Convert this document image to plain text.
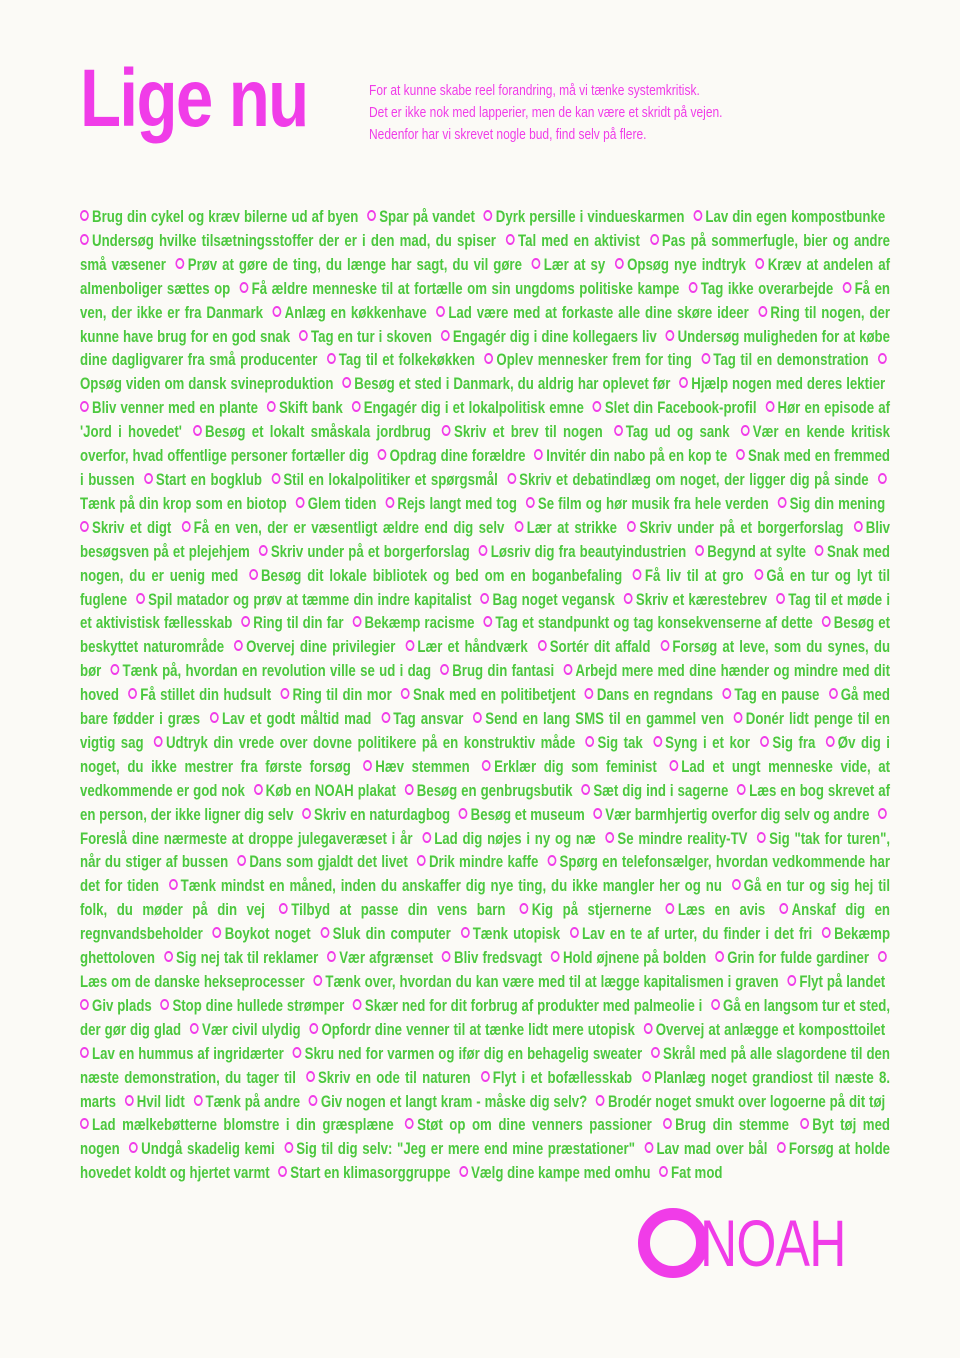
Lige nu	For at kunne skabe reel forandring, må vi tænke systemkritisk.
Det er ikke nok med lapperier, men de kan være et skridt på vejen.
Nedenfor har vi skrevet nogle bud, find selv på flere.
Brug din cykel og kræv bilerne ud af byen Spar på vandet Dyrk persille i vindueskarmen Lav din egen kompostbunke Undersøg hvilke tilsætningsstoffer der er i den mad, du spiser Tal med en aktivist Pas på sommerfugle, bier og andre små væsener Prøv at gøre de ting, du længe har sagt, du vil gøre Lær at sy Opsøg nye indtryk Kræv at andelen af almenboliger sættes op Få ældre menneske til at fortælle om sin ungdoms politiske kampe Tag ikke overarbejde Få en ven, der ikke er fra Danmark Anlæg en køkkenhave Lad være med at forkaste alle dine skøre ideer Ring til nogen, der kunne have brug for en god snak Tag en tur i skoven Engagér dig i dine kollegaers liv Undersøg muligheden for at købe dine dagligvarer fra små producenter Tag til et folkekøkken Oplev mennesker frem for ting Tag til en demonstration Opsøg viden om dansk svineproduktion Besøg et sted i Danmark, du aldrig har oplevet før Hjælp nogen med deres lektier Bliv venner med en plante Skift bank Engagér dig i et lokalpolitisk emne Slet din Facebook-profil Hør en episode af 'Jord i hovedet' Besøg et lokalt småskala jordbrug Skriv et brev til nogen Tag ud og sank Vær en kende kritisk overfor, hvad offentlige personer fortæller dig Opdrag dine forældre Invitér din nabo på en kop te Snak med en fremmed i bussen Start en bogklub Stil en lokalpolitiker et spørgsmål Skriv et debatindlæg om noget, der ligger dig på sinde Tænk på din krop som en biotop Glem tiden Rejs langt med tog Se film og hør musik fra hele verden Sig din mening Skriv et digt Få en ven, der er væsentligt ældre end dig selv Lær at strikke Skriv under på et borgerforslag Bliv besøgsven på et plejehjem Skriv under på et borgerforslag Løsriv dig fra beautyindustrien Begynd at sylte Snak med nogen, du er uenig med Besøg dit lokale bibliotek og bed om en boganbefaling Få liv til at gro Gå en tur og lyt til fuglene Spil matador og prøv at tæmme din indre kapitalist Bag noget vegansk Skriv et kærestebrev Tag til et møde i et aktivistisk fællesskab Ring til din far Bekæmp racisme Tag et standpunkt og tag konsekvenserne af dette Besøg et beskyttet naturområde Overvej dine privilegier Lær et håndværk Sortér dit affald Forsøg at leve, som du synes, du bør Tænk på, hvordan en revolution ville se ud i dag Brug din fantasi Arbejd mere med dine hænder og mindre med dit hoved Få stillet din hudsult Ring til din mor Snak med en politibetjent Dans en regndans Tag en pause Gå med bare fødder i græs Lav et godt måltid mad Tag ansvar Send en lang SMS til en gammel ven Donér lidt penge til en vigtig sag Udtryk din vrede over dovne politikere på en konstruktiv måde Sig tak Syng i et kor Sig fra Øv dig i noget, du ikke mestrer fra første forsøg Hæv stemmen Erklær dig som feminist Lad et ungt menneske vide, at vedkommende er god nok Køb en NOAH plakat Besøg en genbrugsbutik Sæt dig ind i sagerne Læs en bog skrevet af en person, der ikke ligner dig selv Skriv en naturdagbog Besøg et museum Vær barmhjertig overfor dig selv og andre Foreslå dine nærmeste at droppe julegaveræset i år Lad dig nøjes i ny og næ Se mindre reality-TV Sig "tak for turen", når du stiger af bussen Dans som gjaldt det livet Drik mindre kaffe Spørg en telefonsælger, hvordan vedkommende har det for tiden Tænk mindst en måned, inden du anskaffer dig nye ting, du ikke mangler her og nu Gå en tur og sig hej til folk, du møder på din vej Tilbyd at passe din vens barn Kig på stjernerne Læs en avis Anskaf dig en regnvandsbeholder Boykot noget Sluk din computer Tænk utopisk Lav en te af urter, du finder i det fri Bekæmp ghettoloven Sig nej tak til reklamer Vær afgrænset Bliv fredsvagt Hold øjnene på bolden Grin for fulde gardiner Læs om de danske hekseprocesser Tænk over, hvordan du kan være med til at lægge kapitalismen i graven Flyt på landet Giv plads Stop dine hullede strømper Skær ned for dit forbrug af produkter med palmeolie i Gå en langsom tur et sted, der gør dig glad Vær civil ulydig Opfordr dine venner til at tænke lidt mere utopisk Overvej at anlægge et komposttoilet Lav en hummus af ingridærter Skru ned for varmen og ifør dig en behagelig sweater Skrål med på alle slagordene til den næste demonstration, du tager til Skriv en ode til naturen Flyt i et bofællesskab Planlæg noget grandiost til næste 8. marts Hvil lidt Tænk på andre Giv nogen et langt kram - måske dig selv? Brodér noget smukt over logoerne på dit tøj Lad mælkebøtterne blomstre i din græsplæne Støt op om dine venners passioner Brug din stemme Byt tøj med nogen Undgå skadelig kemi Sig til dig selv: "Jeg er mere end mine præstationer" Lav mad over bål Forsøg at holde hovedet koldt og hjertet varmt Start en klimasorggruppe Vælg dine kampe med omhu Fat mod
NOAH
